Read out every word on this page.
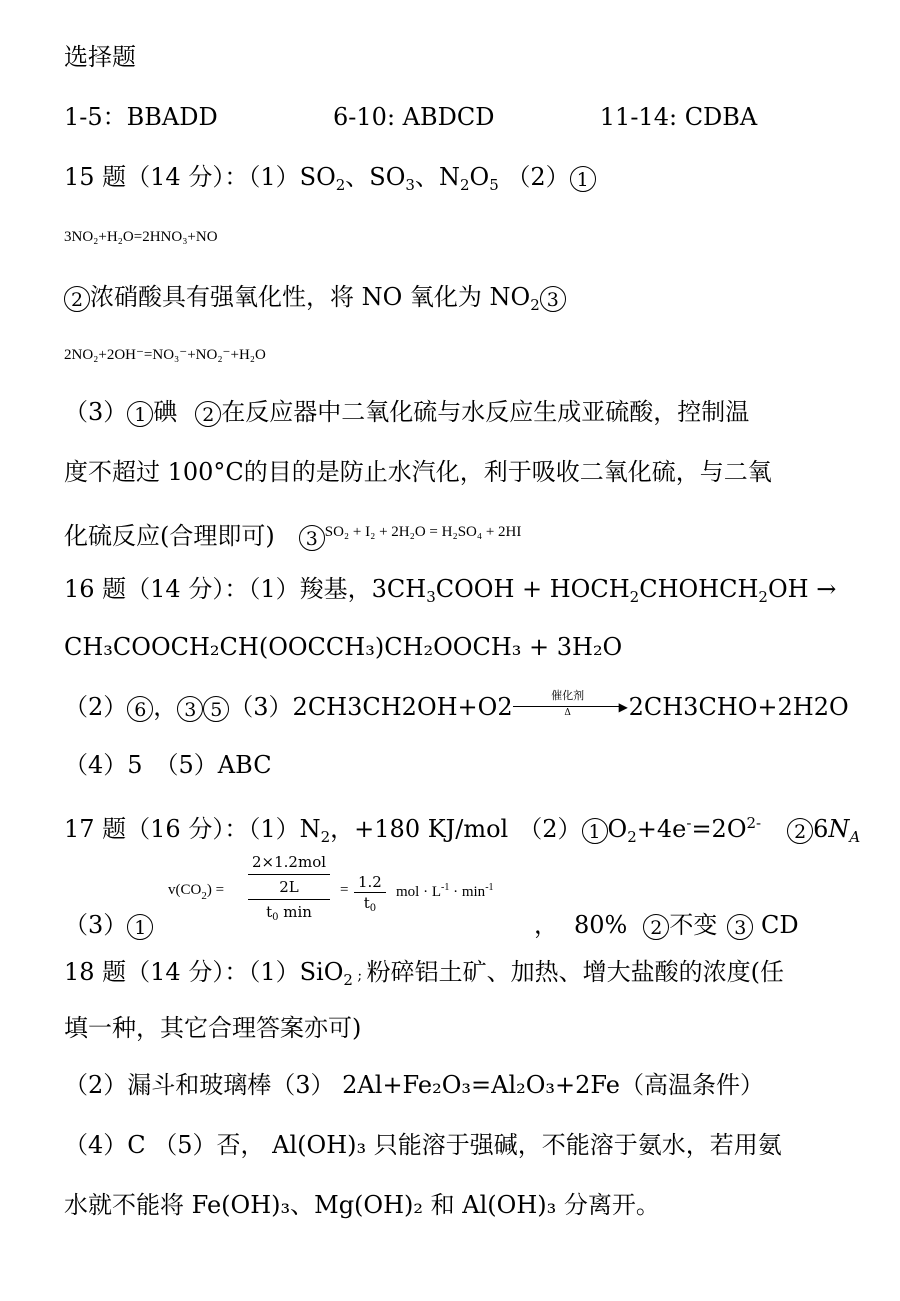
选择题
1-5：BBADD	6-10: ABDCD	11-14: CDBA
15 题（14 分）：$(1)SO_2$、$SO_3$、$N_2O_5$ （2） 1
3NO₂+H₂O=2HNO₃+NO
2 浓硝酸具有强氧化性，将 NO 氧化为 $NO_2$ 3
2NO₂+2OH⁻=NO₃⁻+NO₂⁻+H₂O
（3） 1 碘 2 在反应器中二氧化硫与水反应生成亚硫酸，控制温
度不超过 100°C的目的是防止水汽化，利于吸收二氧化硫，与二氧
化硫反应(合理即可) 3 $^{SO_2 + I_2 + 2H_2O = H_2SO_4 + 2HI}$
16 题（14 分）：（1）羧基，$3CH_3COOH$ + $HOCH_2CHOHCH_2OH$ →
CH₃COOCH₂CH(OOCCH₃)CH₂OOCH₃ + 3H₂O
（2） 6 ， 3 5 （3）2CH3CH2OH+O2	催化剂
▶
Δ	2CH3CHO+2H2O
（4）5　（5）ABC
17 题（16 分）：$(1)N_2$，+180 KJ/mol （2） 1 $O_2+4e^-=2O^{2-}$ 2 $6N_A$
（3） 1
$v(CO_2)$ =
2×1.2mol
2L
$t_0$ min
= $\frac{1.2}{t_0}$ mol · $L^{-1} \cdot \min^{-1}$
， 80% 2 不变 3 CD
18 题（14 分）：（1）SiO$_2$ ; 粉碎铝土矿、加热、增大盐酸的浓度(任
填一种，其它合理答案亦可)
（2）漏斗和玻璃棒（3） 2Al+Fe₂O₃=Al₂O₃+2Fe（高温条件）
（4）C （5）否， Al(OH)₃ 只能溶于强碱，不能溶于氨水，若用氨
水就不能将 Fe(OH)₃、Mg(OH)₂ 和 Al(OH)₃ 分离开。
